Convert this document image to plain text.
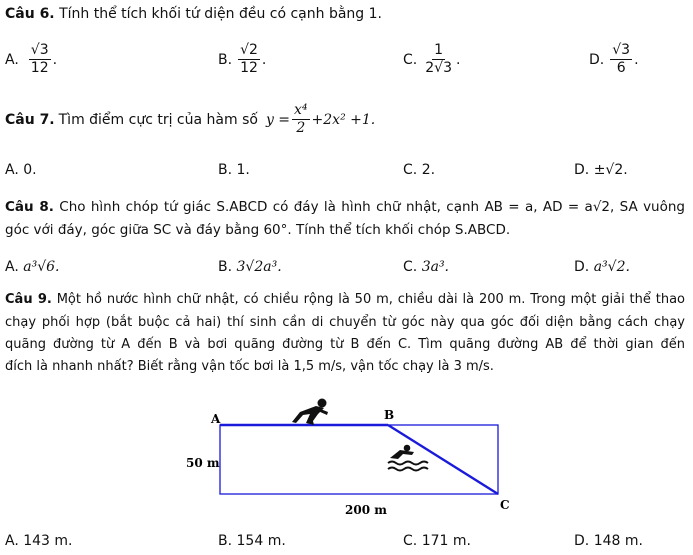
Câu 6. Tính thể tích khối tứ diện đều có cạnh bằng 1.
A. $\frac{√3}{12}$ .	B. $\frac{√2}{12}$ .	C. $\frac{1}{2√3}$ .	D. $\frac{√3}{6}$ .
Câu 7. Tìm điểm cực trị của hàm số $y = \frac{\text{x⁴}}{2} +2x^2 +1$.
A. 0.	B. 1.	C. 2.	D. ±√2.
Câu 8. Cho hình chóp tứ giác S.ABCD có đáy là hình chữ nhật, cạnh AB = a, AD = a√2, SA vuông
góc với đáy, góc giữa SC và đáy bằng 60°. Tính thể tích khối chóp S.ABCD.
A. a³√6.	B. 3√2a³.	C. 3a³.	D. a³√2.
Câu 9. Một hồ nước hình chữ nhật, có chiều rộng là 50 m, chiều dài là 200 m. Trong một giải thể thao
chạy phối hợp (bắt buộc cả hai) thí sinh cần di chuyển từ góc này qua góc đối diện bằng cách chạy
quãng đường từ A đến B và bơi quãng đường từ B đến C. Tìm quãng đường AB để thời gian đến
đích là nhanh nhất? Biết rằng vận tốc bơi là 1,5 m/s, vận tốc chạy là 3 m/s.
A	B
C
50 m
200 m
A. 143 m.	B. 154 m.	C. 171 m.	D. 148 m.
